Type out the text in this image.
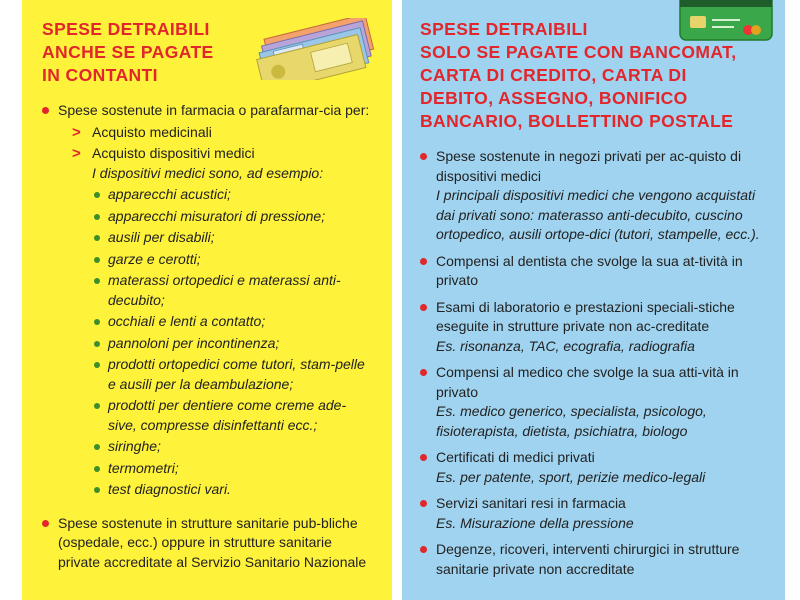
SPESE DETRAIBILI
ANCHE SE PAGATE
IN CONTANTI
Spese sostenute in farmacia o parafarmar-cia per:
> Acquisto medicinali
> Acquisto dispositivi medici
I dispositivi medici sono, ad esempio:
apparecchi acustici;
apparecchi misuratori di pressione;
ausili per disabili;
garze e cerotti;
materassi ortopedici e materassi anti-decubito;
occhiali e lenti a contatto;
pannoloni per incontinenza;
prodotti ortopedici come tutori, stam-pelle e ausili per la deambulazione;
prodotti per dentiere come creme ade-sive, compresse disinfettanti ecc.;
siringhe;
termometri;
test diagnostici vari.
Spese sostenute in strutture sanitarie pub-bliche (ospedale, ecc.) oppure in strutture sanitarie private accreditate al Servizio Sanitario Nazionale
SPESE DETRAIBILI
SOLO SE PAGATE CON BANCOMAT,
CARTA DI CREDITO, CARTA DI
DEBITO, ASSEGNO, BONIFICO
BANCARIO, BOLLETTINO POSTALE
Spese sostenute in negozi privati per ac-quisto di dispositivi medici
I principali dispositivi medici che vengono acquistati dai privati sono: materasso anti-decubito, cuscino ortopedico, ausili ortope-dici (tutori, stampelle, ecc.).
Compensi al dentista che svolge la sua at-tività in privato
Esami di laboratorio e prestazioni speciali-stiche eseguite in strutture private non ac-creditate
Es. risonanza, TAC, ecografia, radiografia
Compensi al medico che svolge la sua atti-vità in privato
Es. medico generico, specialista, psicologo, fisioterapista, dietista, psichiatra, biologo
Certificati di medici privati
Es. per patente, sport, perizie medico-legali
Servizi sanitari resi in farmacia
Es. Misurazione della pressione
Degenze, ricoveri, interventi chirurgici in strutture sanitarie private non accreditate
